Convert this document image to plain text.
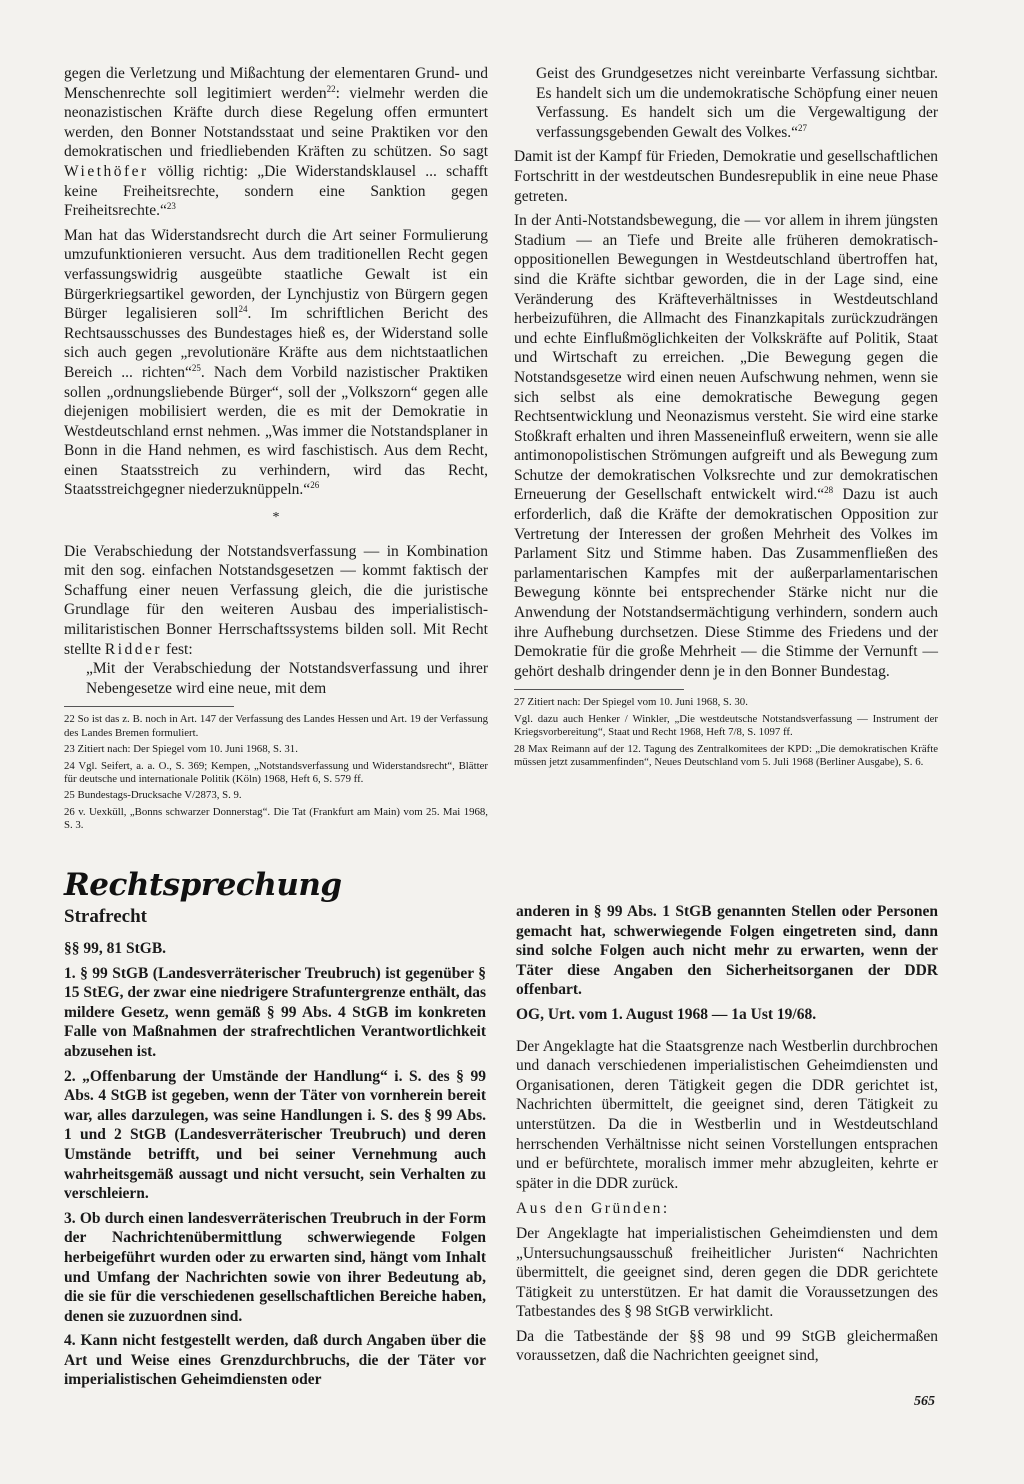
gegen die Verletzung und Mißachtung der elementaren Grund- und Menschenrechte soll legitimiert werden$^{22}$: vielmehr werden die neonazistischen Kräfte durch diese Regelung offen ermuntert werden, den Bonner Notstandsstaat und seine Praktiken vor den demokratischen und friedliebenden Kräften zu schützen. So sagt Wiethöfer völlig richtig: „Die Widerstandsklausel ... schafft keine Freiheitsrechte, sondern eine Sanktion gegen Freiheitsrechte.“$^{23}$

Man hat das Widerstandsrecht durch die Art seiner Formulierung umzufunktionieren versucht. Aus dem traditionellen Recht gegen verfassungswidrig ausgeübte staatliche Gewalt ist ein Bürgerkriegsartikel geworden, der Lynchjustiz von Bürgern gegen Bürger legalisieren soll$^{24}$. Im schriftlichen Bericht des Rechtsausschusses des Bundestages hieß es, der Widerstand solle sich auch gegen „revolutionäre Kräfte aus dem nichtstaatlichen Bereich ... richten“$^{25}$. Nach dem Vorbild nazistischer Praktiken sollen „ordnungsliebende Bürger“, soll der „Volkszorn“ gegen alle diejenigen mobilisiert werden, die es mit der Demokratie in Westdeutschland ernst nehmen. „Was immer die Notstandsplaner in Bonn in die Hand nehmen, es wird faschistisch. Aus dem Recht, einen Staatsstreich zu verhindern, wird das Recht, Staatsstreichgegner niederzuknüppeln.“$^{26}$

*

Die Verabschiedung der Notstandsverfassung — in Kombination mit den sog. einfachen Notstandsgesetzen — kommt faktisch der Schaffung einer neuen Verfassung gleich, die die juristische Grundlage für den weiteren Ausbau des imperialistisch-militaristischen Bonner Herrschaftssystems bilden soll. Mit Recht stellte Ridder fest:

„Mit der Verabschiedung der Notstandsverfassung und ihrer Nebengesetze wird eine neue, mit dem

22 So ist das z. B. noch in Art. 147 der Verfassung des Landes Hessen und Art. 19 der Verfassung des Landes Bremen formuliert.

23 Zitiert nach: Der Spiegel vom 10. Juni 1968, S. 31.

24 Vgl. Seifert, a. a. O., S. 369; Kempen, „Notstandsverfassung und Widerstandsrecht“, Blätter für deutsche und internationale Politik (Köln) 1968, Heft 6, S. 579 ff.

25 Bundestags-Drucksache V/2873, S. 9.

26 v. Uexküll, „Bonns schwarzer Donnerstag“. Die Tat (Frankfurt am Main) vom 25. Mai 1968, S. 3.

Geist des Grundgesetzes nicht vereinbarte Verfassung sichtbar. Es handelt sich um die undemokratische Schöpfung einer neuen Verfassung. Es handelt sich um die Vergewaltigung der verfassungsgebenden Gewalt des Volkes.“$^{27}$

Damit ist der Kampf für Frieden, Demokratie und gesellschaftlichen Fortschritt in der westdeutschen Bundesrepublik in eine neue Phase getreten.

In der Anti-Notstandsbewegung, die — vor allem in ihrem jüngsten Stadium — an Tiefe und Breite alle früheren demokratisch-oppositionellen Bewegungen in Westdeutschland übertroffen hat, sind die Kräfte sichtbar geworden, die in der Lage sind, eine Veränderung des Kräfteverhältnisses in Westdeutschland herbeizuführen, die Allmacht des Finanzkapitals zurückzudrängen und echte Einflußmöglichkeiten der Volkskräfte auf Politik, Staat und Wirtschaft zu erreichen. „Die Bewegung gegen die Notstandsgesetze wird einen neuen Aufschwung nehmen, wenn sie sich selbst als eine demokratische Bewegung gegen Rechtsentwicklung und Neonazismus versteht. Sie wird eine starke Stoßkraft erhalten und ihren Masseneinfluß erweitern, wenn sie alle antimonopolistischen Strömungen aufgreift und als Bewegung zum Schutze der demokratischen Volksrechte und zur demokratischen Erneuerung der Gesellschaft entwickelt wird.“$^{28}$ Dazu ist auch erforderlich, daß die Kräfte der demokratischen Opposition zur Vertretung der Interessen der großen Mehrheit des Volkes im Parlament Sitz und Stimme haben. Das Zusammenfließen des parlamentarischen Kampfes mit der außerparlamentarischen Bewegung könnte bei entsprechender Stärke nicht nur die Anwendung der Notstandsermächtigung verhindern, sondern auch ihre Aufhebung durchsetzen. Diese Stimme des Friedens und der Demokratie für die große Mehrheit — die Stimme der Vernunft — gehört deshalb dringender denn je in den Bonner Bundestag.

27 Zitiert nach: Der Spiegel vom 10. Juni 1968, S. 30.

Vgl. dazu auch Henker / Winkler, „Die westdeutsche Notstandsverfassung — Instrument der Kriegsvorbereitung“, Staat und Recht 1968, Heft 7/8, S. 1097 ff.

28 Max Reimann auf der 12. Tagung des Zentralkomitees der KPD: „Die demokratischen Kräfte müssen jetzt zusammenfinden“, Neues Deutschland vom 5. Juli 1968 (Berliner Ausgabe), S. 6.

Rechtsprechung
Strafrecht

§§ 99, 81 StGB.

1. § 99 StGB (Landesverräterischer Treubruch) ist gegenüber § 15 StEG, der zwar eine niedrigere Strafuntergrenze enthält, das mildere Gesetz, wenn gemäß § 99 Abs. 4 StGB im konkreten Falle von Maßnahmen der strafrechtlichen Verantwortlichkeit abzusehen ist.

2. „Offenbarung der Umstände der Handlung“ i. S. des § 99 Abs. 4 StGB ist gegeben, wenn der Täter von vornherein bereit war, alles darzulegen, was seine Handlungen i. S. des § 99 Abs. 1 und 2 StGB (Landesverräterischer Treubruch) und deren Umstände betrifft, und bei seiner Vernehmung auch wahrheitsgemäß aussagt und nicht versucht, sein Verhalten zu verschleiern.

3. Ob durch einen landesverräterischen Treubruch in der Form der Nachrichtenübermittlung schwerwiegende Folgen herbeigeführt wurden oder zu erwarten sind, hängt vom Inhalt und Umfang der Nachrichten sowie von ihrer Bedeutung ab, die sie für die verschiedenen gesellschaftlichen Bereiche haben, denen sie zuzuordnen sind.

4. Kann nicht festgestellt werden, daß durch Angaben über die Art und Weise eines Grenzdurchbruchs, die der Täter vor imperialistischen Geheimdiensten oder

anderen in § 99 Abs. 1 StGB genannten Stellen oder Personen gemacht hat, schwerwiegende Folgen eingetreten sind, dann sind solche Folgen auch nicht mehr zu erwarten, wenn der Täter diese Angaben den Sicherheitsorganen der DDR offenbart.

OG, Urt. vom 1. August 1968 — 1a Ust 19/68.

Der Angeklagte hat die Staatsgrenze nach Westberlin durchbrochen und danach verschiedenen imperialistischen Geheimdiensten und Organisationen, deren Tätigkeit gegen die DDR gerichtet ist, Nachrichten übermittelt, die geeignet sind, deren Tätigkeit zu unterstützen. Da die in Westberlin und in Westdeutschland herrschenden Verhältnisse nicht seinen Vorstellungen entsprachen und er befürchtete, moralisch immer mehr abzugleiten, kehrte er später in die DDR zurück.

Aus den Gründen:

Der Angeklagte hat imperialistischen Geheimdiensten und dem „Untersuchungsausschuß freiheitlicher Juristen“ Nachrichten übermittelt, die geeignet sind, deren gegen die DDR gerichtete Tätigkeit zu unterstützen. Er hat damit die Voraussetzungen des Tatbestandes des § 98 StGB verwirklicht.

Da die Tatbestände der §§ 98 und 99 StGB gleichermaßen voraussetzen, daß die Nachrichten geeignet sind,

565
